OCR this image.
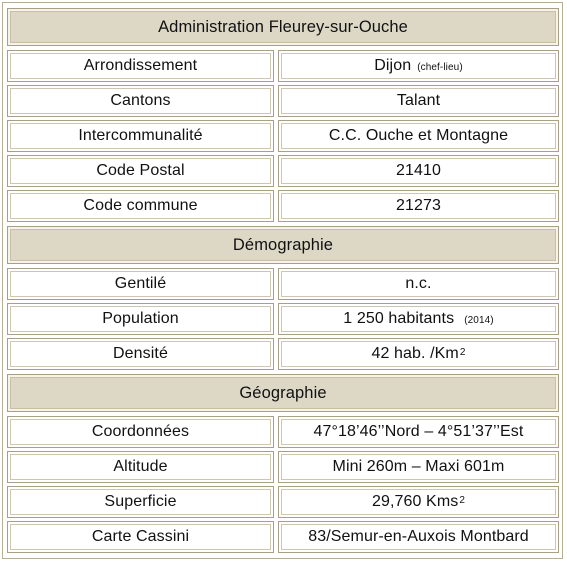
Administration Fleurey-sur-Ouche
Arrondissement	Dijon (chef-lieu)
Cantons	Talant
Intercommunalité	C.C. Ouche et Montagne
Code Postal	21410
Code commune	21273
Démographie
Gentilé	n.c.
Population	1 250 habitants (2014)
Densité	42 hab. /Km$^2$
Géographie
Coordonnées	47°18’46’’Nord – 4°51’37’’Est
Altitude	Mini 260m – Maxi 601m
Superficie	29,760 Kms$^2$
Carte Cassini	83/Semur-en-Auxois Montbard
